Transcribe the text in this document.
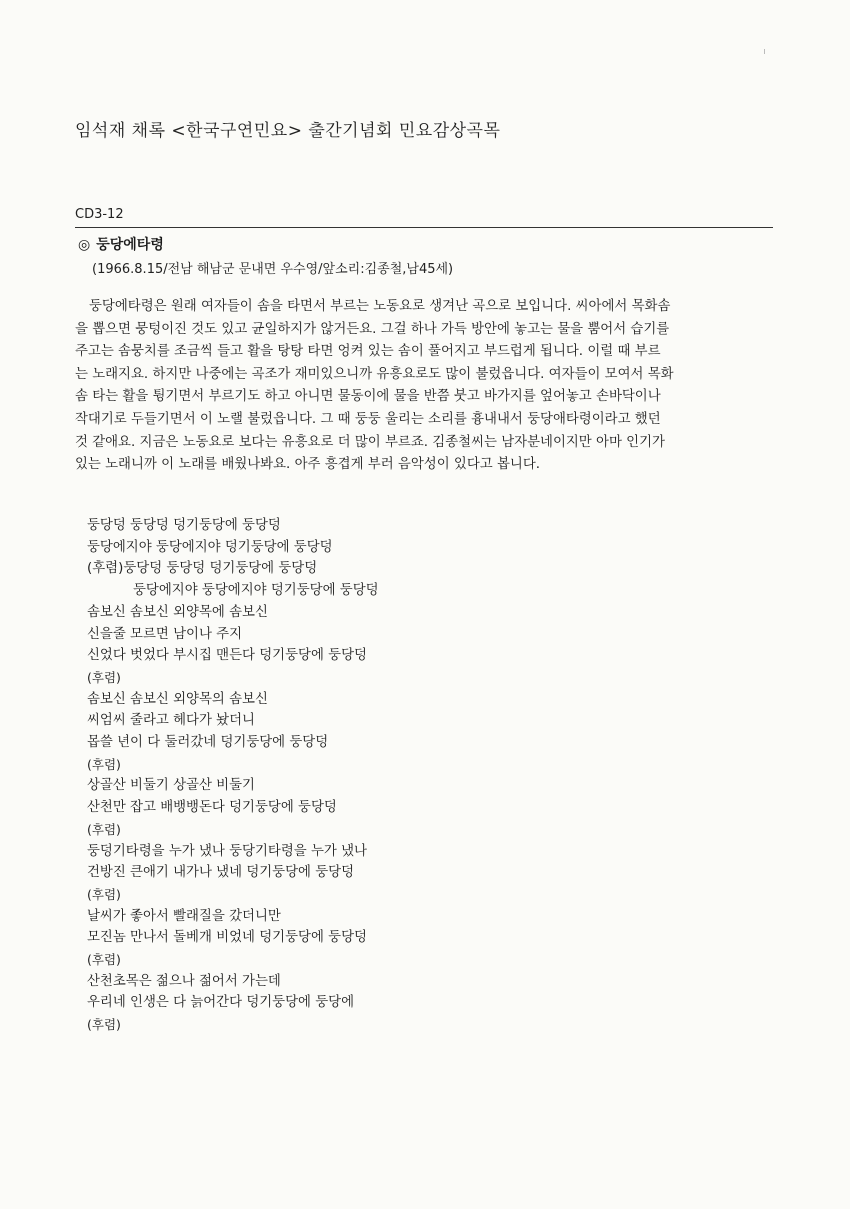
임석재 채록 <한국구연민요> 출간기념회 민요감상곡목
CD3-12
◎ 둥당에타령
(1966.8.15/전남 해남군 문내면 우수영/앞소리:김종철,남45세)
둥당에타령은 원래 여자들이 솜을 타면서 부르는 노동요로 생겨난 곡으로 보입니다. 씨아에서 목화솜
을 뽑으면 뭉텅이진 것도 있고 균일하지가 않거든요. 그걸 하나 가득 방안에 놓고는 물을 뿜어서 습기를
주고는 솜뭉치를 조금씩 들고 활을 탕탕 타면 엉켜 있는 솜이 풀어지고 부드럽게 됩니다. 이럴 때 부르
는 노래지요. 하지만 나중에는 곡조가 재미있으니까 유흥요로도 많이 불렀읍니다. 여자들이 모여서 목화
솜 타는 활을 튕기면서 부르기도 하고 아니면 물동이에 물을 반쯤 붓고 바가지를 엎어놓고 손바닥이나
작대기로 두들기면서 이 노랠 불렀읍니다. 그 때 둥둥 울리는 소리를 흉내내서 둥당애타령이라고 했던
것 같애요. 지금은 노동요로 보다는 유흥요로 더 많이 부르죠. 김종철씨는 남자분네이지만 아마 인기가
있는 노래니까 이 노래를 배웠나봐요. 아주 흥겹게 부러 음악성이 있다고 봅니다.
둥당덩 둥당덩 덩기둥당에 둥당덩
둥당에지야 둥당에지야 덩기둥당에 둥당덩
(후렴)둥당덩 둥당덩 덩기둥당에 둥당덩
둥당에지야 둥당에지야 덩기둥당에 둥당덩
솜보신 솜보신 외양목에 솜보신
신을줄 모르면 남이나 주지
신었다 벗었다 부시집 맨든다 덩기둥당에 둥당덩
(후렴)
솜보신 솜보신 외양목의 솜보신
씨엄씨 줄라고 헤다가 놨더니
몹쓸 년이 다 둘러갔네 덩기둥당에 둥당덩
(후렴)
상골산 비둘기 상골산 비둘기
산천만 잡고 배뱅뱅돈다 덩기둥당에 둥당덩
(후렴)
둥덩기타령을 누가 냈나 둥당기타령을 누가 냈나
건방진 큰애기 내가나 냈네 덩기둥당에 둥당덩
(후렴)
날씨가 좋아서 빨래질을 갔더니만
모진놈 만나서 돌베개 비었네 덩기둥당에 둥당덩
(후렴)
산천초목은 젊으나 젊어서 가는데
우리네 인생은 다 늙어간다 덩기둥당에 둥당에
(후렴)
